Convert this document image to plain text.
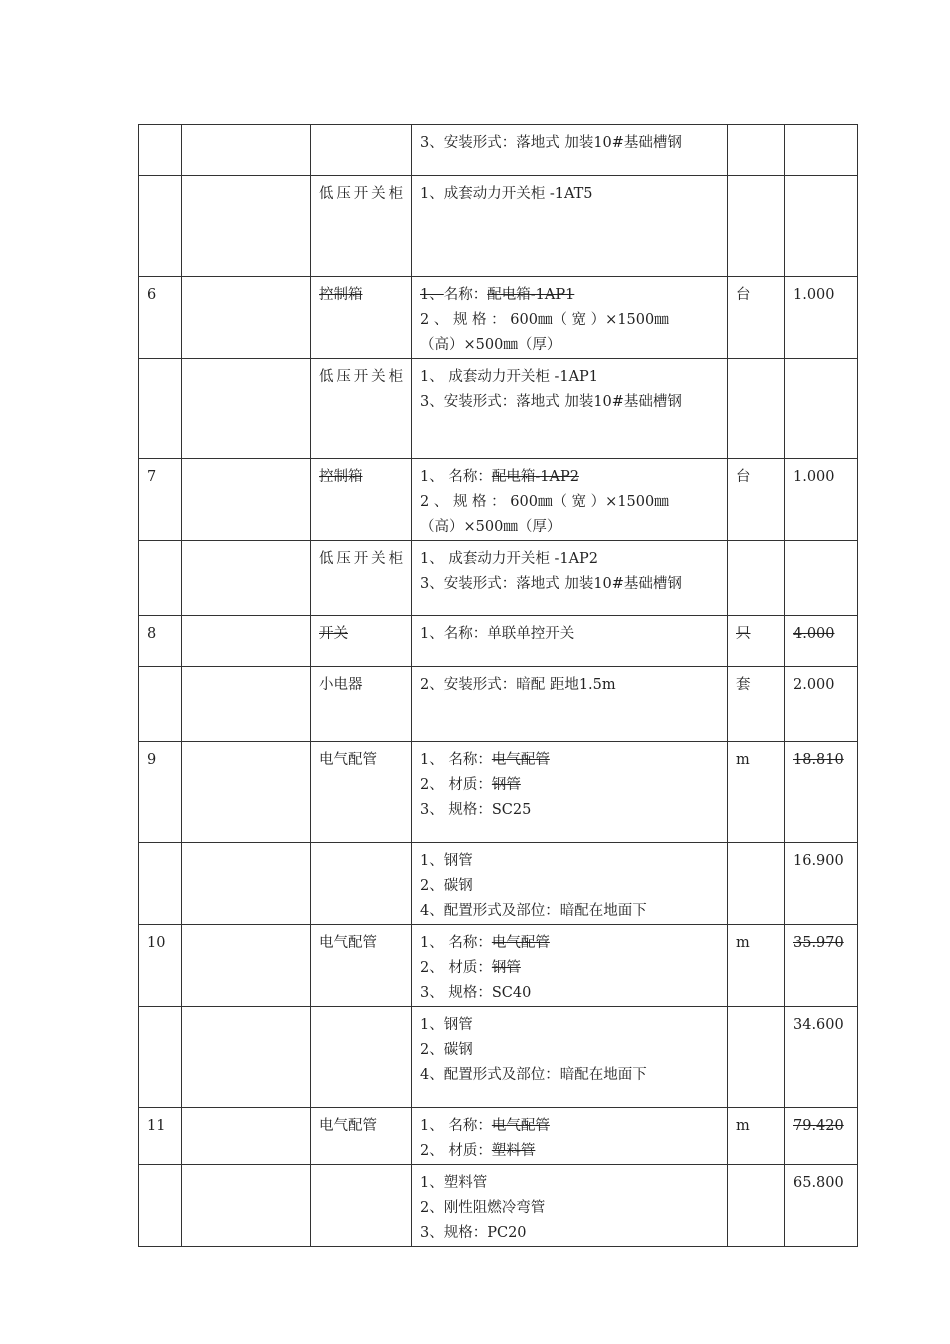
			3、安装形式：落地式 加装10#基础槽钢		

		低压开关柜	1、成套动力开关柜 -1AT5		

6		控制箱	1、名称：配电箱-1AP1
2 、 规 格 ： 600㎜（ 宽 ）×1500㎜
（高）×500㎜（厚）	台	1.000
		低压开关柜	1、 成套动力开关柜 -1AP1
3、安装形式：落地式 加装10#基础槽钢		

7		控制箱	1、 名称：配电箱-1AP2
2 、 规 格 ： 600㎜（ 宽 ）×1500㎜
（高）×500㎜（厚）	台	1.000
		低压开关柜	1、 成套动力开关柜 -1AP2
3、安装形式：落地式 加装10#基础槽钢		

8		开关	1、名称：单联单控开关	只	4.000
		小电器	2、安装形式：暗配 距地1.5m	套	2.000
9		电气配管	1、 名称：电气配管
2、 材质：钢管
3、 规格：SC25	m	18.810

			1、钢管
2、碳钢
4、配置形式及部位：暗配在地面下		16.900
10		电气配管	1、 名称：电气配管
2、 材质：钢管
3、 规格：SC40	m	35.970

			1、钢管
2、碳钢
4、配置形式及部位：暗配在地面下		34.600
11		电气配管	1、 名称：电气配管
2、 材质：塑料管	m	79.420

			1、塑料管
2、刚性阻燃冷弯管
3、规格：PC20		65.800
